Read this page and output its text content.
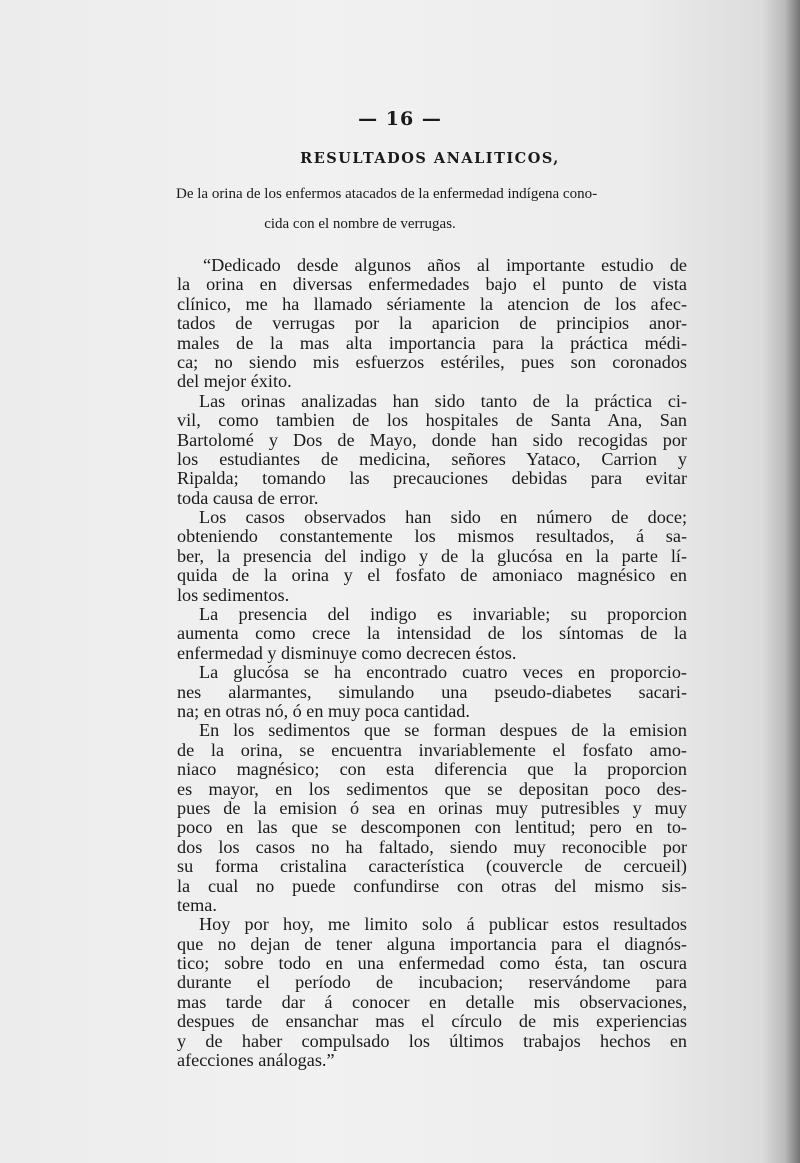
— 16 —
RESULTADOS ANALITICOS,
De la orina de los enfermos atacados de la enfermedad indígena cono-
cida con el nombre de verrugas.
“Dedicado desde algunos años al importante estudio de
la orina en diversas enfermedades bajo el punto de vista
clínico, me ha llamado sériamente la atencion de los afec-
tados de verrugas por la aparicion de principios anor-
males de la mas alta importancia para la práctica médi-
ca; no siendo mis esfuerzos estériles, pues son coronados
del mejor éxito.
Las orinas analizadas han sido tanto de la práctica ci-
vil, como tambien de los hospitales de Santa Ana, San
Bartolomé y Dos de Mayo, donde han sido recogidas por
los estudiantes de medicina, señores Yataco, Carrion y
Ripalda; tomando las precauciones debidas para evitar
toda causa de error.
Los casos observados han sido en número de doce;
obteniendo constantemente los mismos resultados, á sa-
ber, la presencia del indigo y de la glucósa en la parte lí-
quida de la orina y el fosfato de amoniaco magnésico en
los sedimentos.
La presencia del indigo es invariable; su proporcion
aumenta como crece la intensidad de los síntomas de la
enfermedad y disminuye como decrecen éstos.
La glucósa se ha encontrado cuatro veces en proporcio-
nes alarmantes, simulando una pseudo-diabetes sacari-
na; en otras nó, ó en muy poca cantidad.
En los sedimentos que se forman despues de la emision
de la orina, se encuentra invariablemente el fosfato amo-
niaco magnésico; con esta diferencia que la proporcion
es mayor, en los sedimentos que se depositan poco des-
pues de la emision ó sea en orinas muy putresibles y muy
poco en las que se descomponen con lentitud; pero en to-
dos los casos no ha faltado, siendo muy reconocible por
su forma cristalina característica (couvercle de cercueil)
la cual no puede confundirse con otras del mismo sis-
tema.
Hoy por hoy, me limito solo á publicar estos resultados
que no dejan de tener alguna importancia para el diagnós-
tico; sobre todo en una enfermedad como ésta, tan oscura
durante el período de incubacion; reservándome para
mas tarde dar á conocer en detalle mis observaciones,
despues de ensanchar mas el círculo de mis experiencias
y de haber compulsado los últimos trabajos hechos en
afecciones análogas.”
